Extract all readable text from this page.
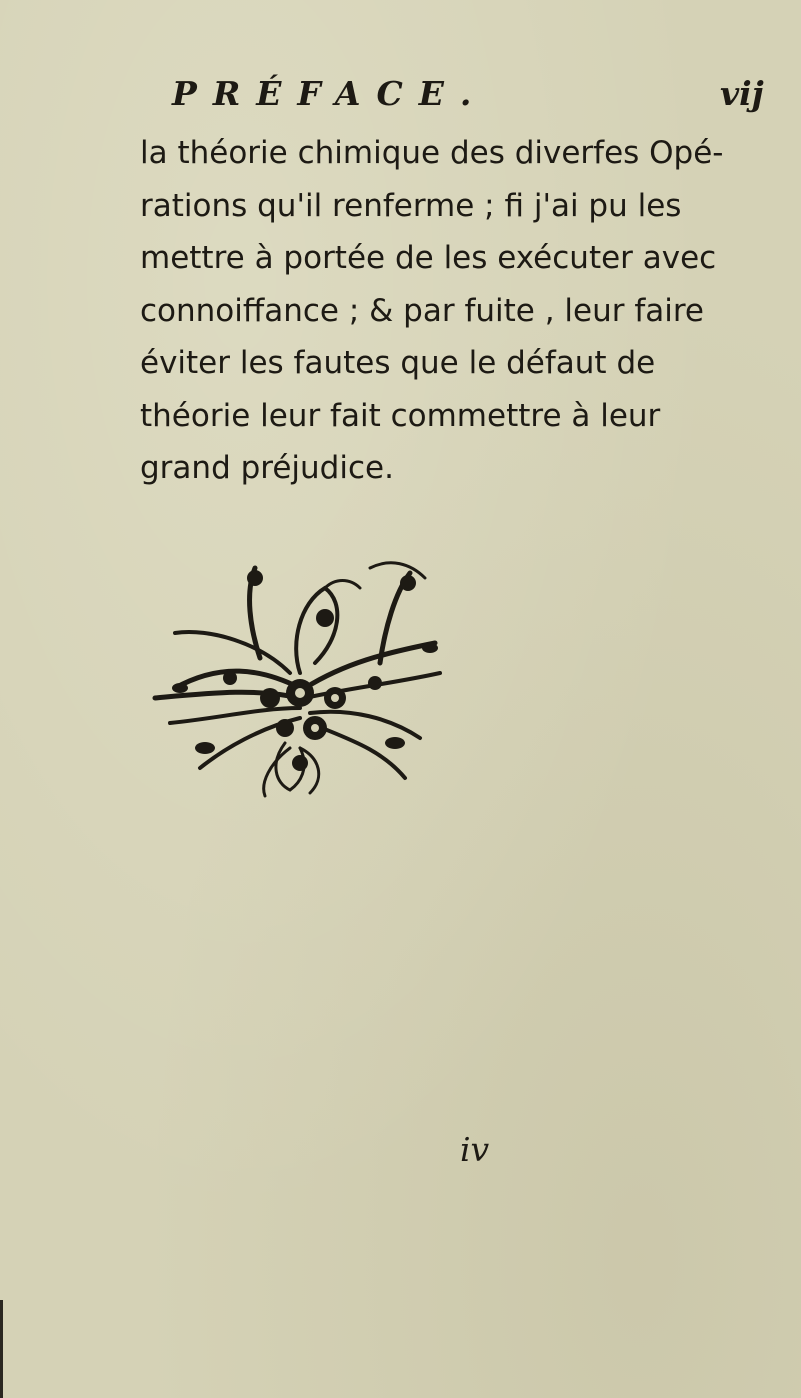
PRÉFACE.	vij
la théorie chimique des diverfes Opé-
rations qu'il renferme ; fi j'ai pu les
mettre à portée de les exécuter avec
connoiffance ; & par fuite , leur faire
éviter les fautes que le défaut de
théorie leur fait commettre à leur
grand préjudice.
iv
